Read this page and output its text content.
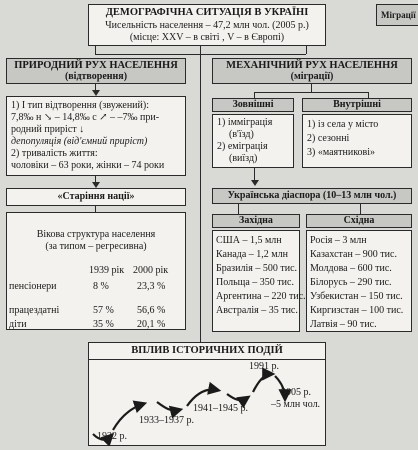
Міграції
ДЕМОГРАФІЧНА СИТУАЦІЯ В УКРАЇНІ
Чисельність населення – 47,2 млн чол. (2005 р.)
(місце: XXV – в світі , V – в Європі)
ПРИРОДНИЙ РУХ НАСЕЛЕННЯ
(відтворення)
1) І тип відтворення (звужений):
7,8‰ н ↘ – 14,8‰ с ↗ – ‒7‰ при-
родний приріст ↓
депопуляція (від'ємний приріст)
2) тривалість життя:
чоловіки – 63 роки, жінки – 74 роки
«Старіння нації»
Вікова структура населення
(за типом – регресивна)
1939 рік 2000 рік
пенсіонери	8 %	23,3 %
працездатні	57 % 56,6 %
діти	35 % 20,1 %
МЕХАНІЧНИЙ РУХ НАСЕЛЕННЯ
(міграції)
Зовнішні
1) іммiграція
(в'їзд)
2) еміграція
(виїзд)
Внутрішні
1) із села у місто
2) сезонні
3) «маятникові»
Українська діаспора (10–13 млн чол.)
Західна
США – 1,5 млн
Канада – 1,2 млн
Бразилія – 500 тис.
Польща – 350 тис.
Аргентина – 220 тис.
Австралія – 35 тис.
Східна
Росія – 3 млн
Казахстан – 900 тис.
Молдова – 600 тис.
Білорусь – 290 тис.
Узбекистан – 150 тис.
Киргизстан – 100 тис.
Латвія – 90 тис.
ВПЛИВ ІСТОРИЧНИХ ПОДІЙ
1922 р.
1933–1937 р.
1941–1945 р.
1991 р.
2005 р.
–5 млн чол.
